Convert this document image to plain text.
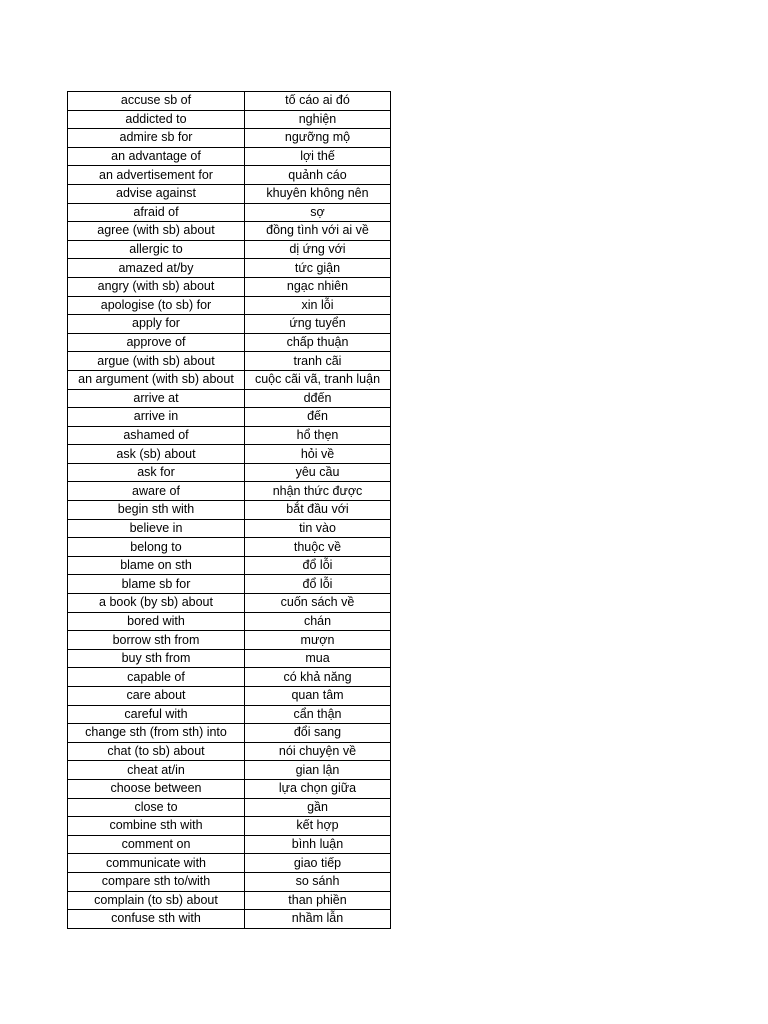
accuse sb of	tố cáo ai đó
addicted to	nghiện
admire sb for	ngưỡng mộ
an advantage of	lợi thế
an advertisement for	quảnh cáo
advise against	khuyên không nên
afraid of	sợ
agree (with sb) about	đồng tình với ai về
allergic to	dị ứng với
amazed at/by	tức giận
angry (with sb) about	ngạc nhiên
apologise (to sb) for	xin lỗi
apply for	ứng tuyển
approve of	chấp thuận
argue (with sb) about	tranh cãi
an argument (with sb) about	cuộc cãi vã, tranh luận
arrive at	dđến
arrive in	đến
ashamed of	hổ thẹn
ask (sb) about	hỏi về
ask for	yêu cầu
aware of	nhận thức được
begin sth with	bắt đầu với
believe in	tin vào
belong to	thuộc về
blame on sth	đổ lỗi
blame sb for	đổ lỗi
a book (by sb) about	cuốn sách về
bored with	chán
borrow sth from	mượn
buy sth from	mua
capable of	có khả năng
care about	quan tâm
careful with	cẩn thận
change sth (from sth) into	đổi sang
chat (to sb) about	nói chuyện về
cheat at/in	gian lận
choose between	lựa chọn giữa
close to	gần
combine sth with	kết hợp
comment on	bình luận
communicate with	giao tiếp
compare sth to/with	so sánh
complain (to sb) about	than phiền
confuse sth with	nhầm lẫn
